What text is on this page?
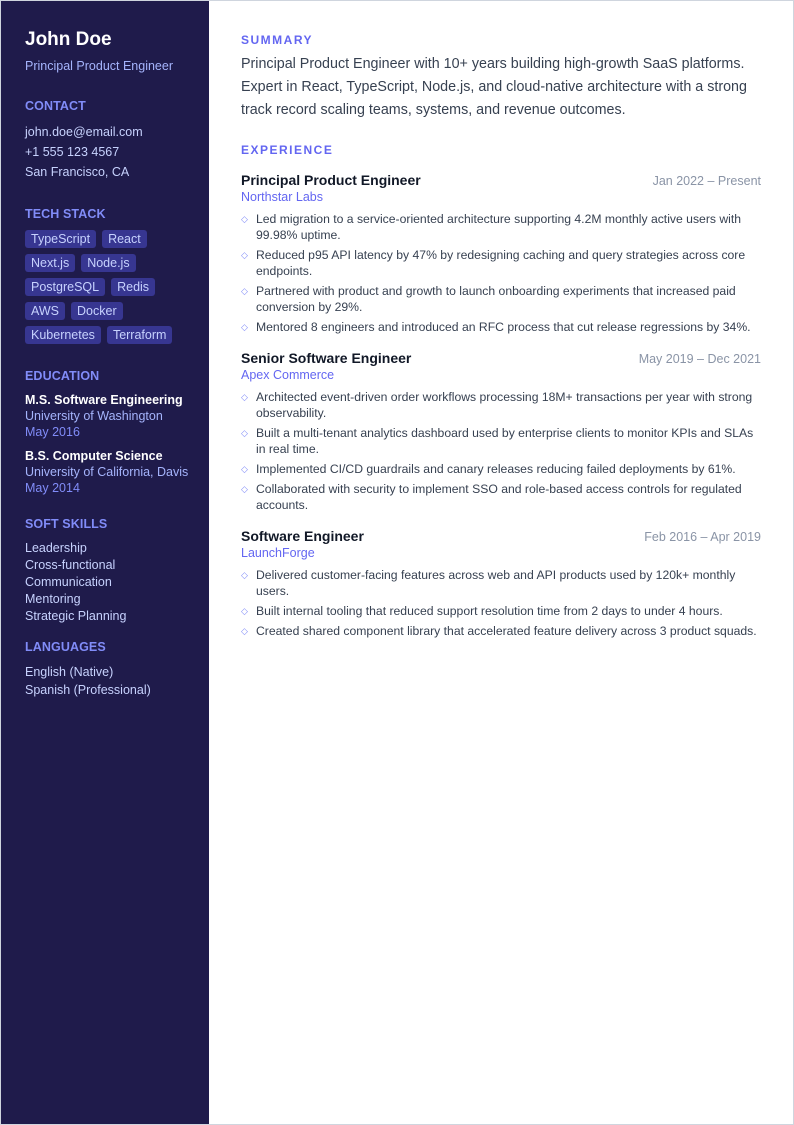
John Doe
Principal Product Engineer
CONTACT
john.doe@email.com
+1 555 123 4567
San Francisco, CA
TECH STACK
TypeScript	React
Next.js	Node.js
PostgreSQL	Redis
AWS	Docker
Kubernetes	Terraform
EDUCATION
M.S. Software Engineering
University of Washington
May 2016
B.S. Computer Science
University of California, Davis
May 2014
SOFT SKILLS
Leadership
Cross-functional
Communication
Mentoring
Strategic Planning
LANGUAGES
English (Native)
Spanish (Professional)
SUMMARY

Principal Product Engineer with 10+ years building high-growth SaaS platforms. Expert in React, TypeScript, Node.js, and cloud-native architecture with a strong track record scaling teams, systems, and revenue outcomes.

EXPERIENCE
Principal Product Engineer	Jan 2022 – Present
Northstar Labs
◇ Led migration to a service-oriented architecture supporting 4.2M monthly active users with 99.98% uptime.
◇ Reduced p95 API latency by 47% by redesigning caching and query strategies across core endpoints.
◇ Partnered with product and growth to launch onboarding experiments that increased paid conversion by 29%.
◇ Mentored 8 engineers and introduced an RFC process that cut release regressions by 34%.
Senior Software Engineer	May 2019 – Dec 2021
Apex Commerce
◇ Architected event-driven order workflows processing 18M+ transactions per year with strong observability.
◇ Built a multi-tenant analytics dashboard used by enterprise clients to monitor KPIs and SLAs in real time.
◇ Implemented CI/CD guardrails and canary releases reducing failed deployments by 61%.
◇ Collaborated with security to implement SSO and role-based access controls for regulated accounts.
Software Engineer	Feb 2016 – Apr 2019
LaunchForge
◇ Delivered customer-facing features across web and API products used by 120k+ monthly users.
◇ Built internal tooling that reduced support resolution time from 2 days to under 4 hours.
◇ Created shared component library that accelerated feature delivery across 3 product squads.
